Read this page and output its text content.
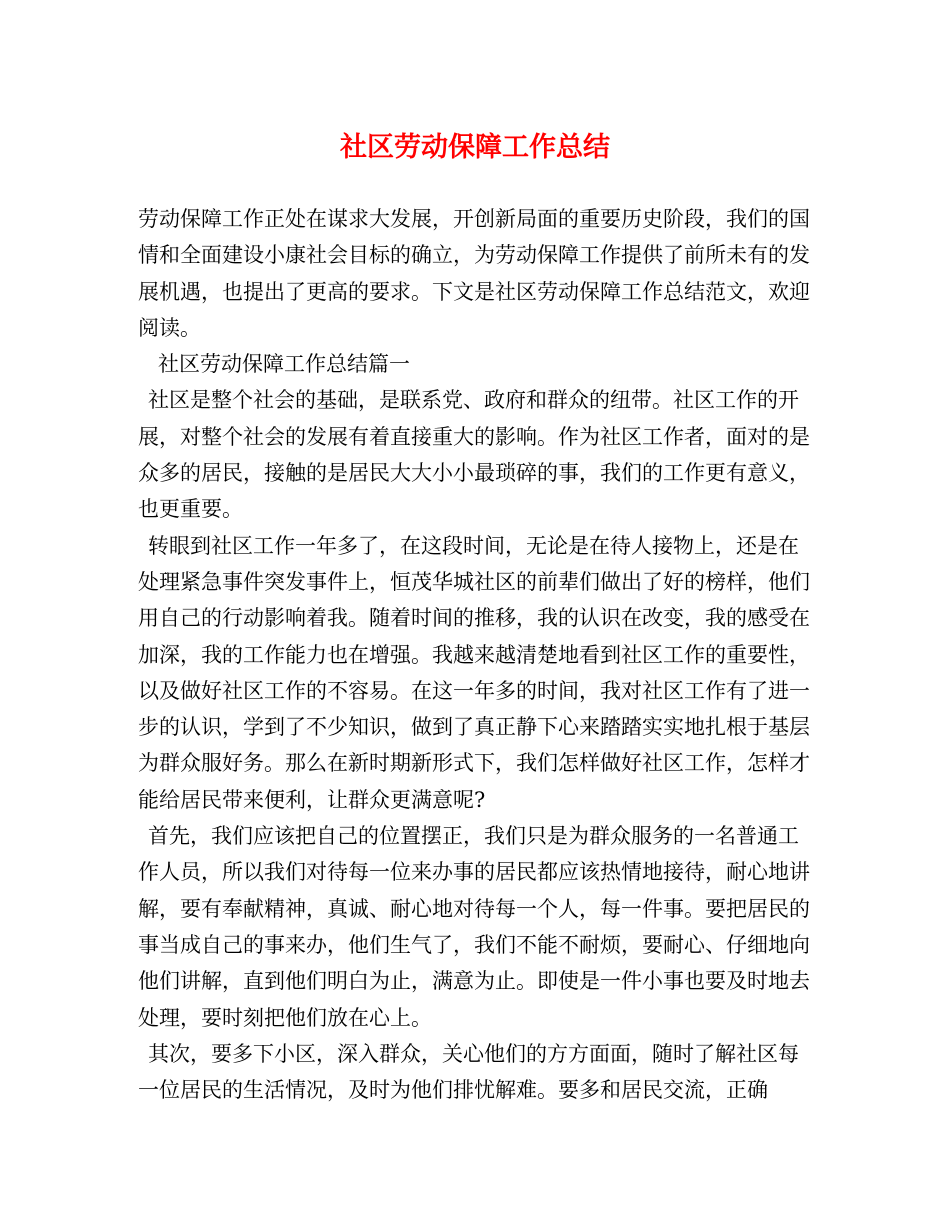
社区劳动保障工作总结

劳动保障工作正处在谋求大发展，开创新局面的重要历史阶段，我们的国情和全面建设小康社会目标的确立，为劳动保障工作提供了前所未有的发展机遇，也提出了更高的要求。下文是社区劳动保障工作总结范文，欢迎阅读。

社区劳动保障工作总结篇一

社区是整个社会的基础，是联系党、政府和群众的纽带。社区工作的开展，对整个社会的发展有着直接重大的影响。作为社区工作者，面对的是众多的居民，接触的是居民大大小小最琐碎的事，我们的工作更有意义，也更重要。

转眼到社区工作一年多了，在这段时间，无论是在待人接物上，还是在处理紧急事件突发事件上，恒茂华城社区的前辈们做出了好的榜样，他们用自己的行动影响着我。随着时间的推移，我的认识在改变，我的感受在加深，我的工作能力也在增强。我越来越清楚地看到社区工作的重要性，以及做好社区工作的不容易。在这一年多的时间，我对社区工作有了进一步的认识，学到了不少知识，做到了真正静下心来踏踏实实地扎根于基层为群众服好务。那么在新时期新形式下，我们怎样做好社区工作，怎样才能给居民带来便利，让群众更满意呢?

首先，我们应该把自己的位置摆正，我们只是为群众服务的一名普通工作人员，所以我们对待每一位来办事的居民都应该热情地接待，耐心地讲解，要有奉献精神，真诚、耐心地对待每一个人，每一件事。要把居民的事当成自己的事来办，他们生气了，我们不能不耐烦，要耐心、仔细地向他们讲解，直到他们明白为止，满意为止。即使是一件小事也要及时地去处理，要时刻把他们放在心上。

其次，要多下小区，深入群众，关心他们的方方面面，随时了解社区每一位居民的生活情况，及时为他们排忧解难。要多和居民交流，正确
